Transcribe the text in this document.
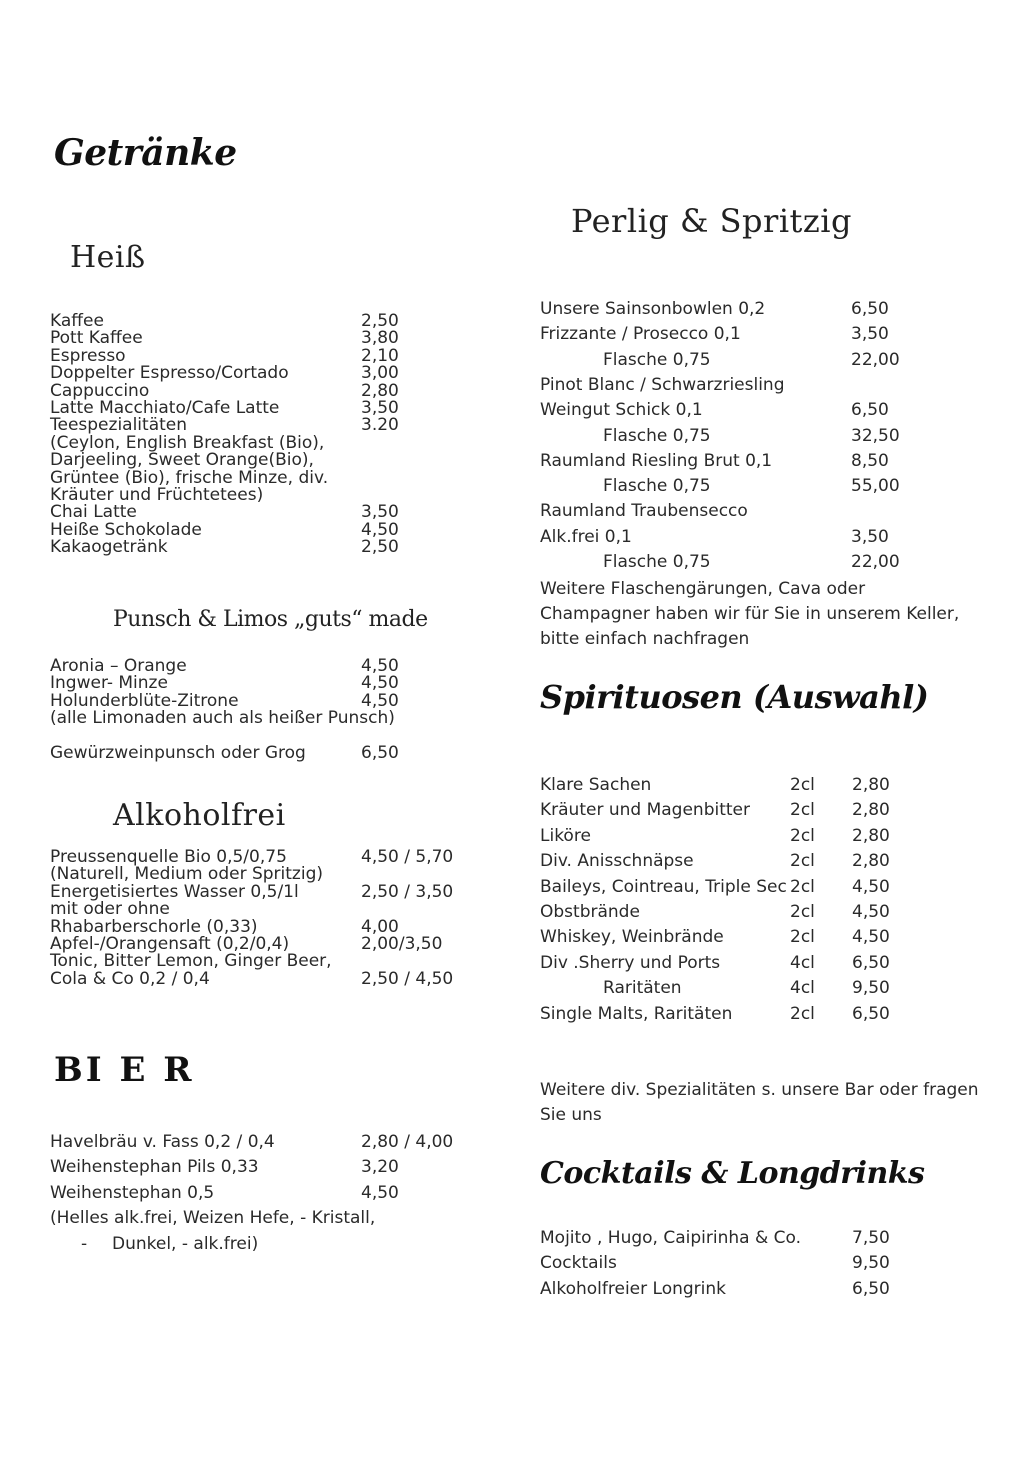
Getränke
Heiß
Punsch & Limos „guts“ made
Alkoholfrei
BI E R
Perlig & Spritzig
Spirituosen (Auswahl)
Cocktails & Longdrinks
Kaffee	2,50
Pott Kaffee	3,80
Espresso	2,10
Doppelter Espresso/Cortado	3,00
Cappuccino	2,80
Latte Macchiato/Cafe Latte	3,50
Teespezialitäten	3.20
(Ceylon, English Breakfast (Bio),
Darjeeling, Sweet Orange(Bio),
Grüntee (Bio), frische Minze, div.
Kräuter und Früchtetees)
Chai Latte	3,50
Heiße Schokolade	4,50
Kakaogetränk	2,50
Aronia – Orange	4,50
Ingwer- Minze	4,50
Holunderblüte-Zitrone	4,50
(alle Limonaden auch als heißer Punsch)
Gewürzweinpunsch oder Grog	6,50
Preussenquelle Bio 0,5/0,75	4,50 / 5,70
(Naturell, Medium oder Spritzig)
Energetisiertes Wasser 0,5/1l	2,50 / 3,50
mit oder ohne
Rhabarberschorle (0,33)	4,00
Apfel-/Orangensaft (0,2/0,4)	2,00/3,50
Tonic, Bitter Lemon, Ginger Beer,
Cola & Co 0,2 / 0,4	2,50 / 4,50
Havelbräu v. Fass 0,2 / 0,4	2,80 / 4,00
Weihenstephan Pils 0,33	3,20
Weihenstephan 0,5	4,50
(Helles alk.frei, Weizen Hefe, - Kristall,
- Dunkel, - alk.frei)
Unsere Sainsonbowlen 0,2	6,50
Frizzante / Prosecco 0,1	3,50
Flasche 0,75	22,00
Pinot Blanc / Schwarzriesling
Weingut Schick 0,1	6,50
Flasche 0,75	32,50
Raumland Riesling Brut 0,1	8,50
Flasche 0,75	55,00
Raumland Traubensecco
Alk.frei 0,1	3,50
Flasche 0,75	22,00
Weitere Flaschengärungen, Cava oder Champagner haben wir für Sie in unserem Keller, bitte einfach nachfragen
Klare Sachen	2cl 2,80
Kräuter und Magenbitter 2cl 2,80
Liköre	2cl 2,80
Div. Anisschnäpse	2cl 2,80
Baileys, Cointreau, Triple Sec 2cl 4,50
Obstbrände	2cl 4,50
Whiskey, Weinbrände	2cl 4,50
Div .Sherry und Ports	4cl 6,50
Raritäten	4cl 9,50
Single Malts, Raritäten	2cl 6,50
Weitere div. Spezialitäten s. unsere Bar oder fragen Sie uns
Mojito , Hugo, Caipirinha & Co.	7,50
Cocktails	9,50
Alkoholfreier Longrink	6,50
